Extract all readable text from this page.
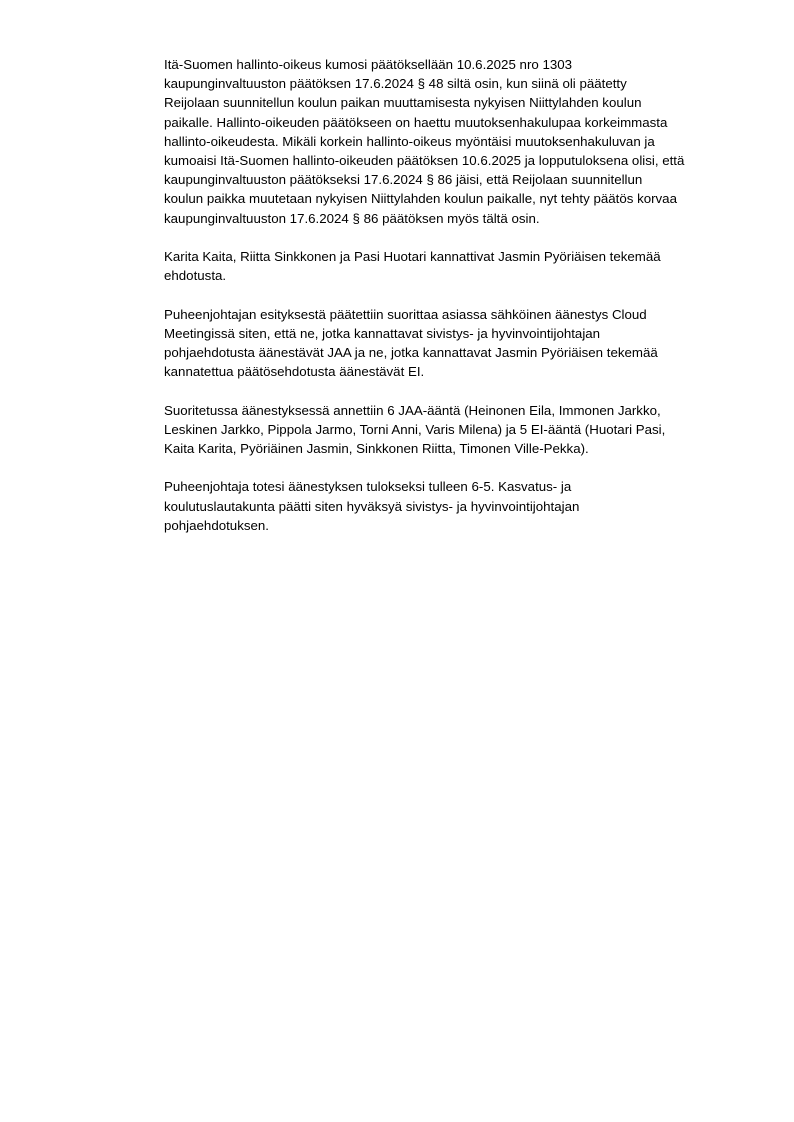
Itä-Suomen hallinto-oikeus kumosi päätöksellään 10.6.2025 nro 1303
kaupunginvaltuuston päätöksen 17.6.2024 § 48 siltä osin, kun siinä oli päätetty
Reijolaan suunnitellun koulun paikan muuttamisesta nykyisen Niittylahden koulun
paikalle. Hallinto-oikeuden päätökseen on haettu muutoksenhakulupaa korkeimmasta
hallinto-oikeudesta. Mikäli korkein hallinto-oikeus myöntäisi muutoksenhakuluvan ja
kumoaisi Itä-Suomen hallinto-oikeuden päätöksen 10.6.2025 ja lopputuloksena olisi, että
kaupunginvaltuuston päätökseksi 17.6.2024 § 86 jäisi, että Reijolaan suunnitellun
koulun paikka muutetaan nykyisen Niittylahden koulun paikalle, nyt tehty päätös korvaa
kaupunginvaltuuston 17.6.2024 § 86 päätöksen myös tältä osin.

Karita Kaita, Riitta Sinkkonen ja Pasi Huotari kannattivat Jasmin Pyöriäisen tekemää
ehdotusta.

Puheenjohtajan esityksestä päätettiin suorittaa asiassa sähköinen äänestys Cloud
Meetingissä siten, että ne, jotka kannattavat sivistys- ja hyvinvointijohtajan
pohjaehdotusta äänestävät JAA ja ne, jotka kannattavat Jasmin Pyöriäisen tekemää
kannatettua päätösehdotusta äänestävät EI.

Suoritetussa äänestyksessä annettiin 6 JAA-ääntä (Heinonen Eila, Immonen Jarkko,
Leskinen Jarkko, Pippola Jarmo, Torni Anni, Varis Milena) ja 5 EI-ääntä (Huotari Pasi,
Kaita Karita, Pyöriäinen Jasmin, Sinkkonen Riitta, Timonen Ville-Pekka).

Puheenjohtaja totesi äänestyksen tulokseksi tulleen 6-5. Kasvatus- ja
koulutuslautakunta päätti siten hyväksyä sivistys- ja hyvinvointijohtajan
pohjaehdotuksen.
